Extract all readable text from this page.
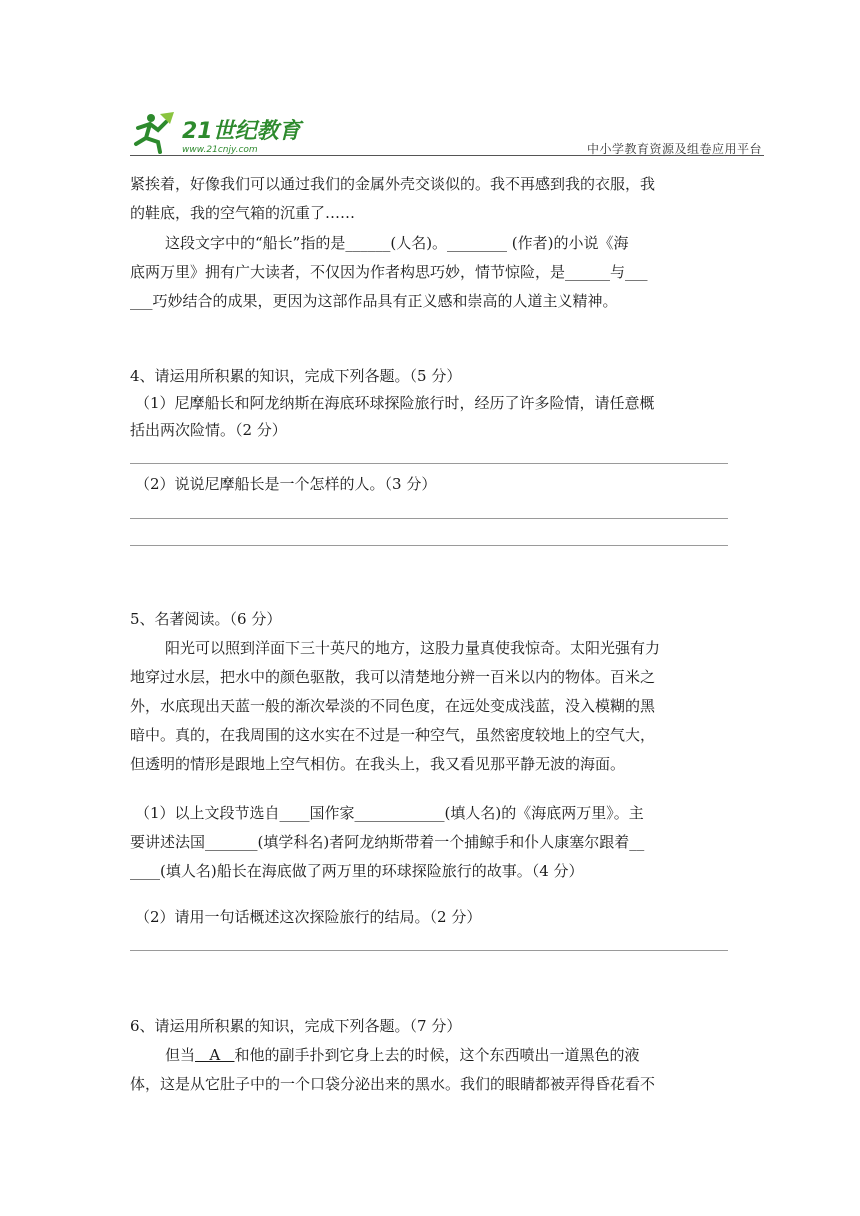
21世纪教育
www.21cnjy.com	中小学教育资源及组卷应用平台
紧挨着，好像我们可以通过我们的金属外壳交谈似的。我不再感到我的衣服，我
的鞋底，我的空气箱的沉重了……
这段文字中的“船长”指的是______(人名)。________ (作者)的小说《海
底两万里》拥有广大读者，不仅因为作者构思巧妙，情节惊险，是______与___
___巧妙结合的成果，更因为这部作品具有正义感和崇高的人道主义精神。
4、请运用所积累的知识，完成下列各题。（5 分）
（1）尼摩船长和阿龙纳斯在海底环球探险旅行时，经历了许多险情，请任意概
括出两次险情。（2 分）
（2）说说尼摩船长是一个怎样的人。（3 分）
5、名著阅读。（6 分）
阳光可以照到洋面下三十英尺的地方，这股力量真使我惊奇。太阳光强有力
地穿过水层，把水中的颜色驱散，我可以清楚地分辨一百米以内的物体。百米之
外，水底现出天蓝一般的渐次晕淡的不同色度，在远处变成浅蓝，没入模糊的黑
暗中。真的，在我周围的这水实在不过是一种空气，虽然密度较地上的空气大，
但透明的情形是跟地上空气相仿。在我头上，我又看见那平静无波的海面。
（1）以上文段节选自____国作家____________(填人名)的《海底两万里》。主
要讲述法国_______(填学科名)者阿龙纳斯带着一个捕鲸手和仆人康塞尔跟着__
____(填人名)船长在海底做了两万里的环球探险旅行的故事。（4 分）
（2）请用一句话概述这次探险旅行的结局。（2 分）
6、请运用所积累的知识，完成下列各题。（7 分）
但当   A   和他的副手扑到它身上去的时候，这个东西喷出一道黑色的液
体，这是从它肚子中的一个口袋分泌出来的黑水。我们的眼睛都被弄得昏花看不
